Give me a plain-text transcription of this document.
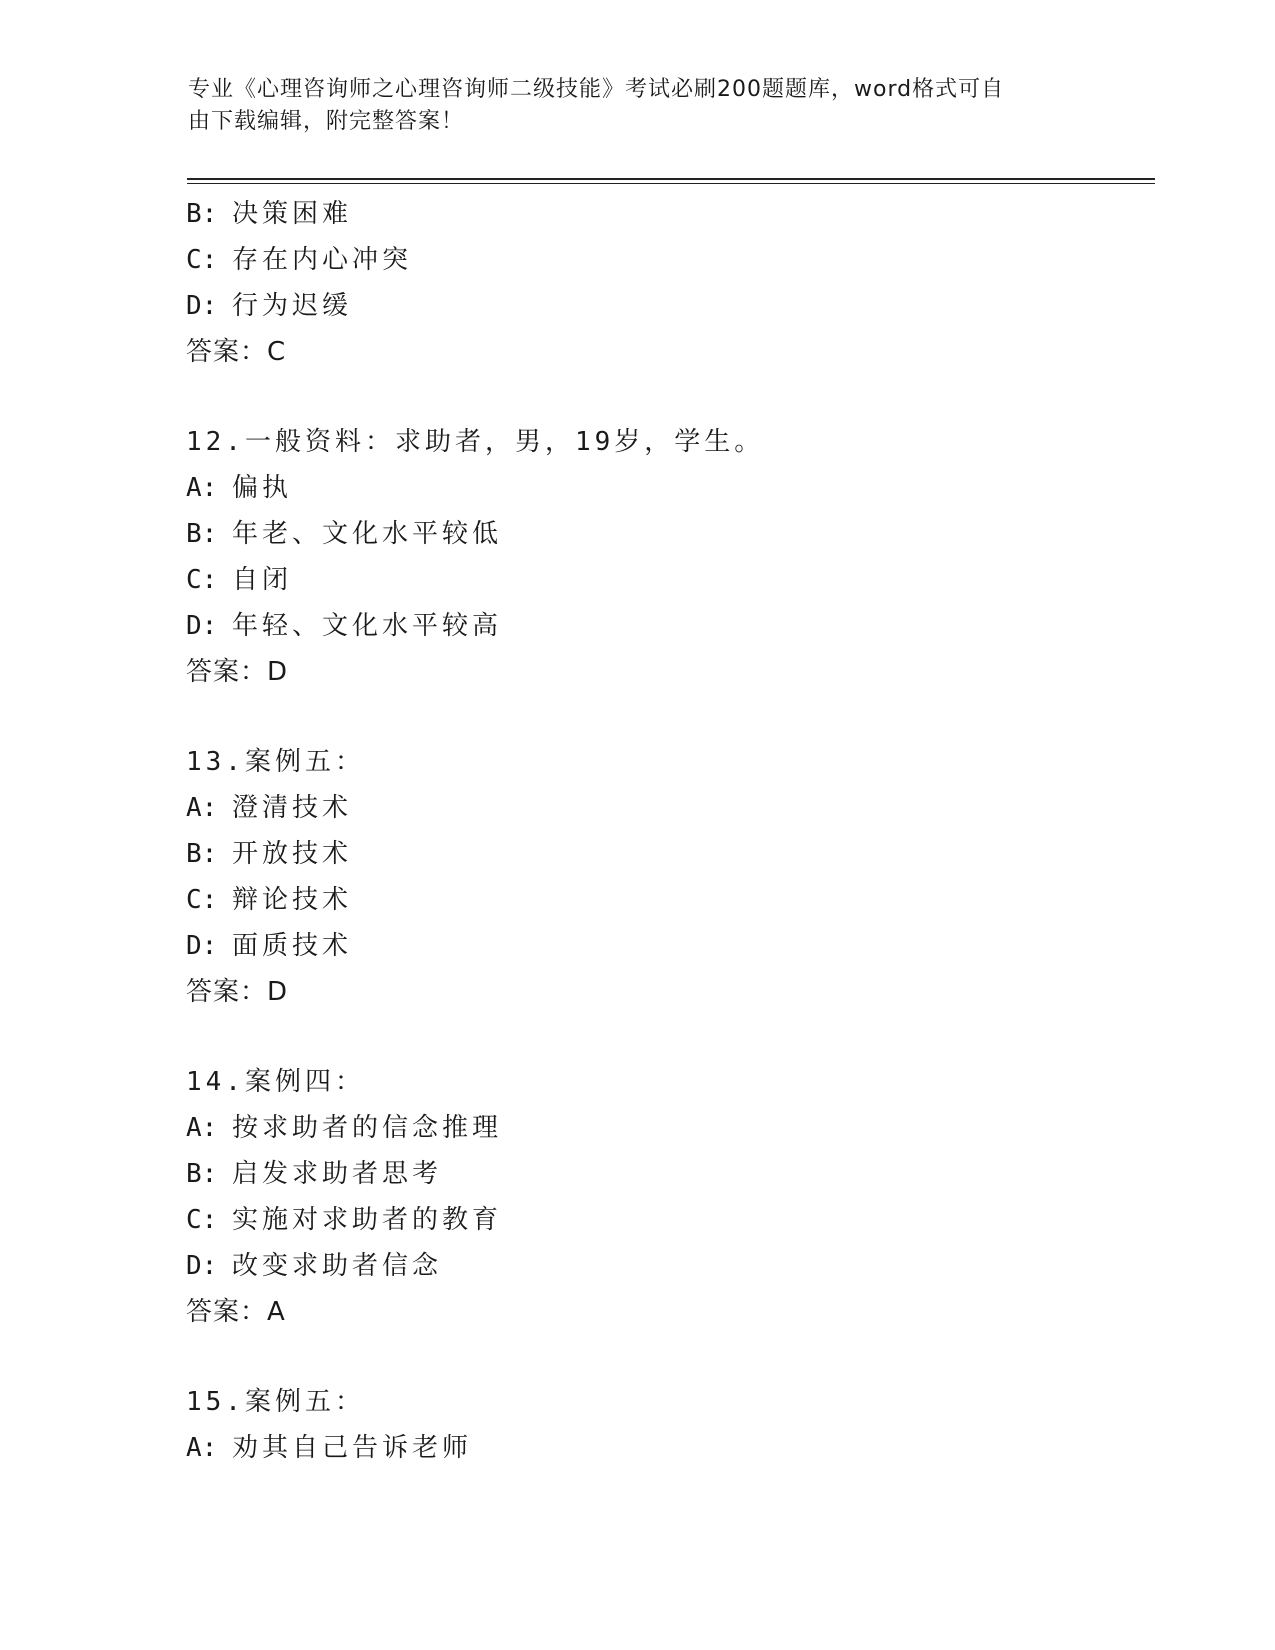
专业《心理咨询师之心理咨询师二级技能》考试必刷200题题库，word格式可自
由下载编辑，附完整答案！
B: 决策困难
C: 存在内心冲突
D: 行为迟缓
答案：C
12.一般资料：求助者，男，19岁，学生。
A: 偏执
B: 年老、文化水平较低
C: 自闭
D: 年轻、文化水平较高
答案：D
13.案例五：
A: 澄清技术
B: 开放技术
C: 辩论技术
D: 面质技术
答案：D
14.案例四：
A: 按求助者的信念推理
B: 启发求助者思考
C: 实施对求助者的教育
D: 改变求助者信念
答案：A
15.案例五：
A: 劝其自己告诉老师
